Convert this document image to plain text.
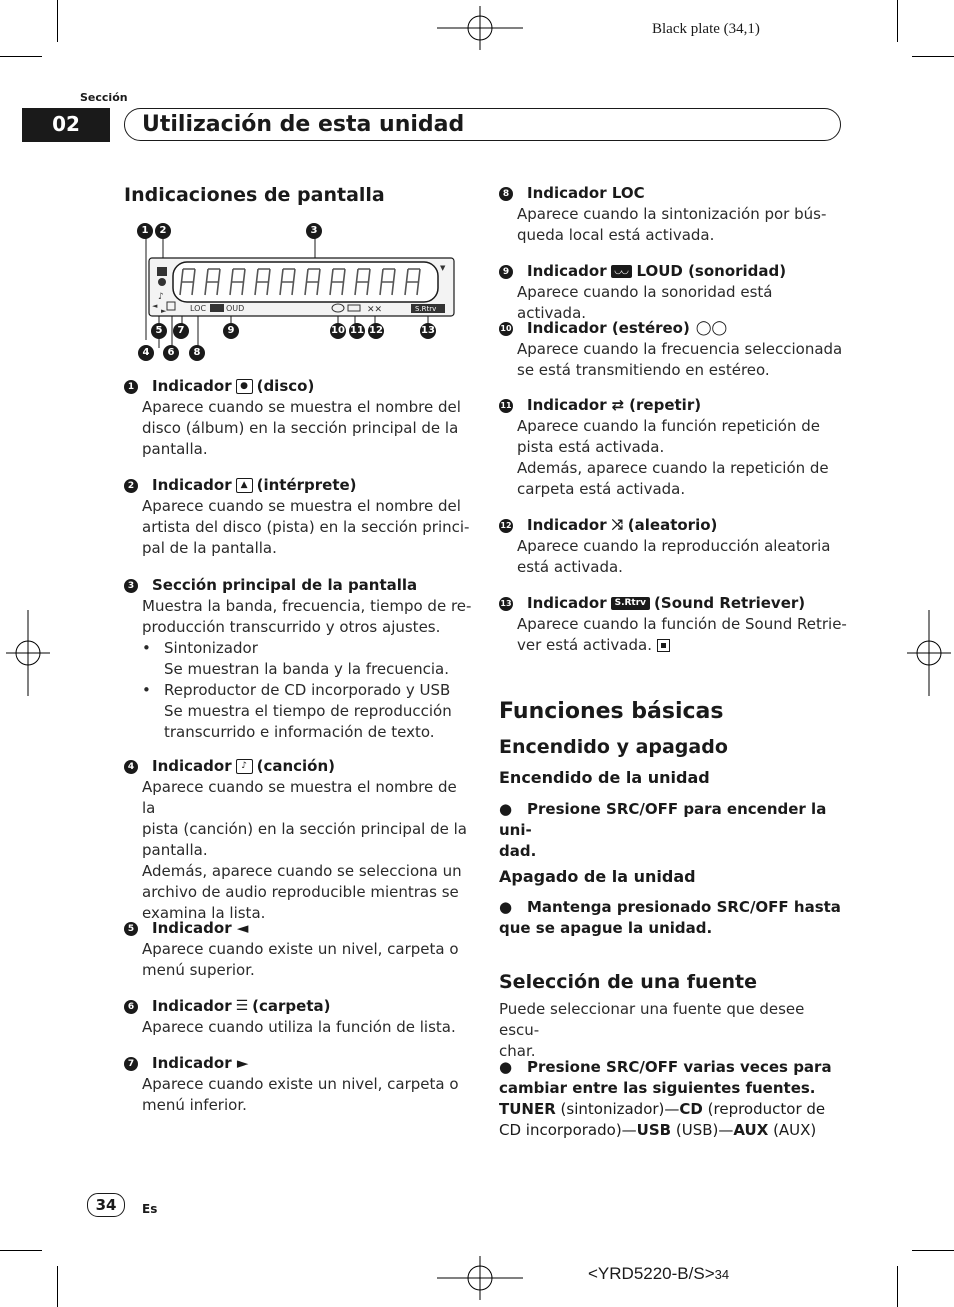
Black plate (34,1)
Sección
02	Utilización de esta unidad
Indicaciones de pantalla
1	2	3
♪
◄
►	LOC OUD	✕✕	S.Rtrv
▼
5	7	9	10 11 12	13
4	6	8
1 Indicador ● (disco)
Aparece cuando se muestra el nombre del
disco (álbum) en la sección principal de la
pantalla.
2 Indicador	▲ (intérprete)
Aparece cuando se muestra el nombre del
artista del disco (pista) en la sección princi-
pal de la pantalla.
3 Sección principal de la pantalla
Muestra la banda, frecuencia, tiempo de re-
producción transcurrido y otros ajustes.
• Sintonizador
Se muestran la banda y la frecuencia.
• Reproductor de CD incorporado y USB
Se muestra el tiempo de reproducción
transcurrido e información de texto.
4 Indicador	♪ (canción)
Aparece cuando se muestra el nombre de la
pista (canción) en la sección principal de la
pantalla.
Además, aparece cuando se selecciona un
archivo de audio reproducible mientras se
examina la lista.
5 Indicador ◄
Aparece cuando existe un nivel, carpeta o
menú superior.
6 Indicador ☰ (carpeta)
Aparece cuando utiliza la función de lista.
7 Indicador ►
Aparece cuando existe un nivel, carpeta o
menú inferior.
8 Indicador LOC
Aparece cuando la sintonización por bús-
queda local está activada.
9 Indicador ◡◡ LOUD (sonoridad)
Aparece cuando la sonoridad está activada.
10 Indicador (estéreo) ◯◯
Aparece cuando la frecuencia seleccionada
se está transmitiendo en estéreo.
11 Indicador ⇄ (repetir)
Aparece cuando la función repetición de
pista está activada.
Además, aparece cuando la repetición de
carpeta está activada.
12 Indicador ⤨ (aleatorio)
Aparece cuando la reproducción aleatoria
está activada.
13 Indicador S.Rtrv (Sound Retriever)
Aparece cuando la función de Sound Retrie-
ver está activada.
Funciones básicas
Encendido y apagado
Encendido de la unidad
● Presione SRC/OFF para encender la uni-
dad.
Apagado de la unidad
● Mantenga presionado SRC/OFF hasta
que se apague la unidad.
Selección de una fuente
Puede seleccionar una fuente que desee escu-
char.
● Presione SRC/OFF varias veces para
cambiar entre las siguientes fuentes.
TUNER (sintonizador)—CD (reproductor de
CD incorporado)—USB (USB)—AUX (AUX)
34	Es
<YRD5220-B/S>34
